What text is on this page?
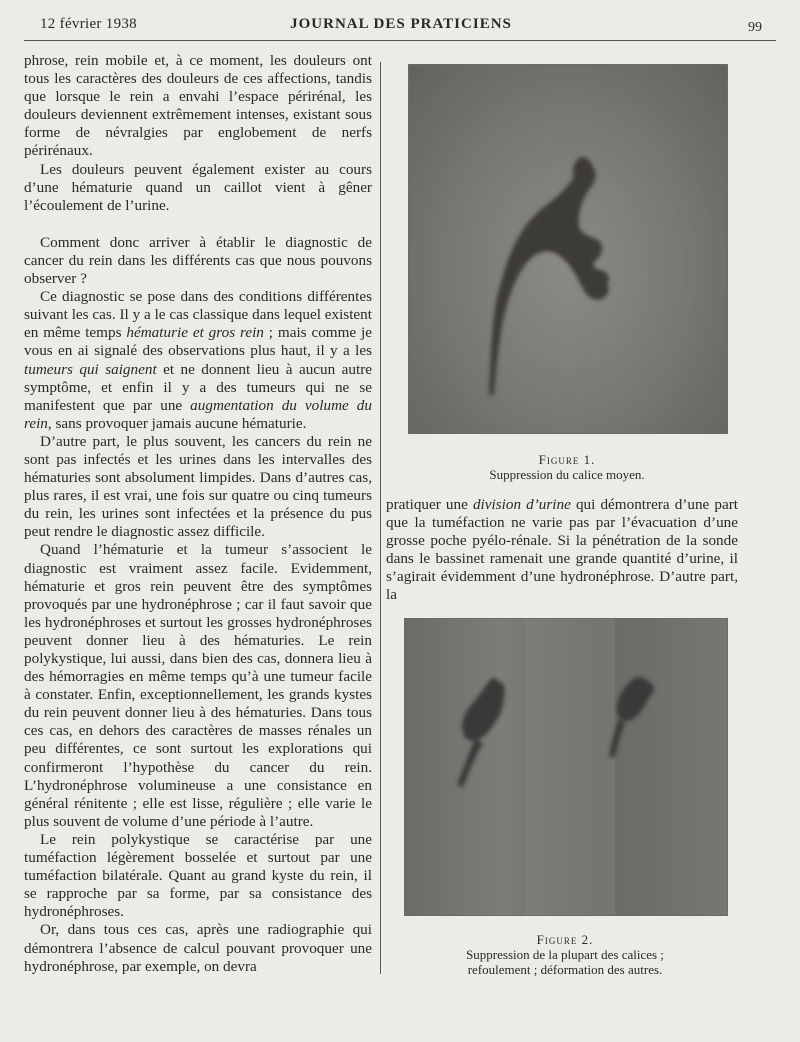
12 février 1938	JOURNAL DES PRATICIENS	99

phrose, rein mobile et, à ce moment, les douleurs ont tous les caractères des douleurs de ces affections, tandis que lorsque le rein a envahi l’espace périrénal, les douleurs deviennent extrêmement intenses, existant sous forme de névralgies par englobement de nerfs périrénaux.

Les douleurs peuvent également exister au cours d’une hématurie quand un caillot vient à gêner l’écoulement de l’urine.

Comment donc arriver à établir le diagnostic de cancer du rein dans les différents cas que nous pouvons observer ?

Ce diagnostic se pose dans des conditions différentes suivant les cas. Il y a le cas classique dans lequel existent en même temps hématurie et gros rein ; mais comme je vous en ai signalé des observations plus haut, il y a les tumeurs qui saignent et ne donnent lieu à aucun autre symptôme, et enfin il y a des tumeurs qui ne se manifestent que par une augmentation du volume du rein, sans provoquer jamais aucune hématurie.

D’autre part, le plus souvent, les cancers du rein ne sont pas infectés et les urines dans les intervalles des hématuries sont absolument limpides. Dans d’autres cas, plus rares, il est vrai, une fois sur quatre ou cinq tumeurs du rein, les urines sont infectées et la présence du pus peut rendre le diagnostic assez difficile.

Quand l’hématurie et la tumeur s’associent le diagnostic est vraiment assez facile. Evidemment, hématurie et gros rein peuvent être des symptômes provoqués par une hydronéphrose ; car il faut savoir que les hydronéphroses et surtout les grosses hydronéphroses peuvent donner lieu à des hématuries. Le rein polykystique, lui aussi, dans bien des cas, donnera lieu à des hémorragies en même temps qu’à une tumeur facile à constater. Enfin, exceptionnellement, les grands kystes du rein peuvent donner lieu à des hématuries. Dans tous ces cas, en dehors des caractères de masses rénales un peu différentes, ce sont surtout les explorations qui confirmeront l’hypothèse du cancer du rein. L’hydronéphrose volumineuse a une consistance en général rénitente ; elle est lisse, régulière ; elle varie le plus souvent de volume d’une période à l’autre.

Le rein polykystique se caractérise par une tuméfaction légèrement bosselée et surtout par une tuméfaction bilatérale. Quant au grand kyste du rein, il se rapproche par sa forme, par sa consistance des hydronéphroses.

Or, dans tous ces cas, après une radiographie qui démontrera l’absence de calcul pouvant provoquer une hydronéphrose, par exemple, on devra

Figure 1.
Suppression du calice moyen.

pratiquer une division d’urine qui démontrera d’une part que la tuméfaction ne varie pas par l’évacuation d’une grosse poche pyélo-rénale. Si la pénétration de la sonde dans le bassinet ramenait une grande quantité d’urine, il s’agirait évidemment d’une hydronéphrose. D’autre part, la

Figure 2.
Suppression de la plupart des calices ;
refoulement ; déformation des autres.
